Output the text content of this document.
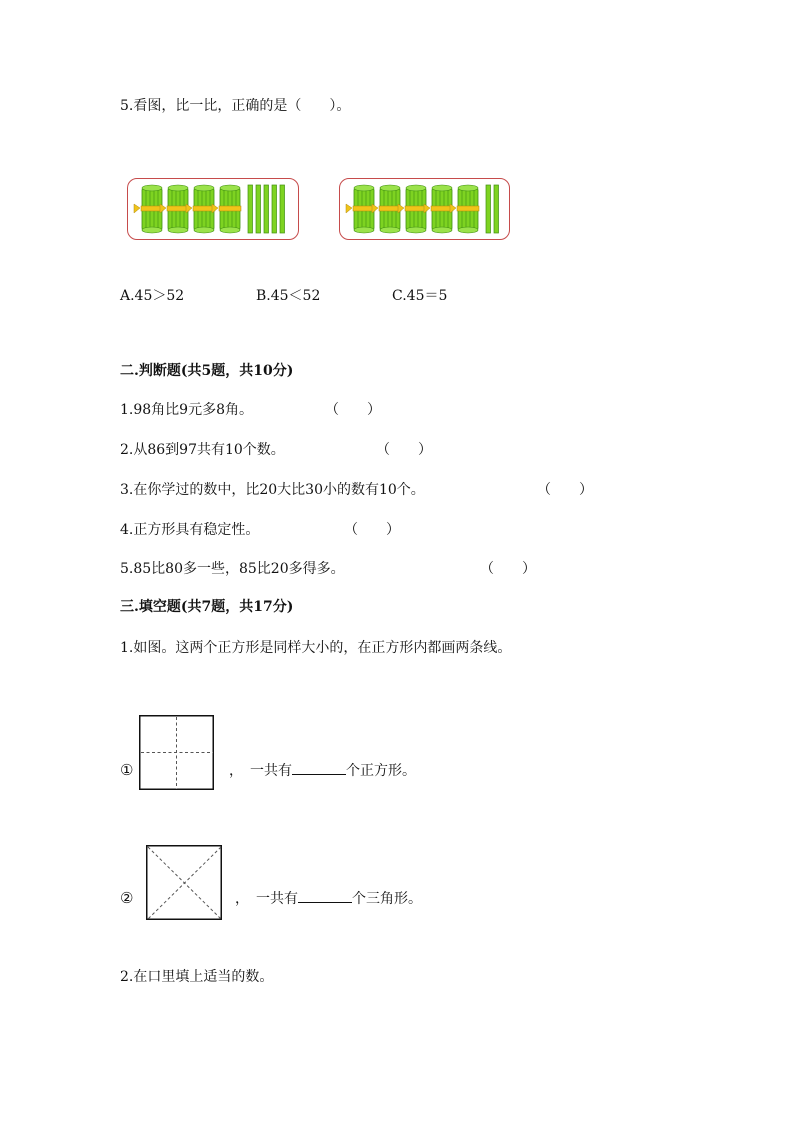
5.看图，比一比，正确的是（　　）。
A.45＞52	B.45＜52	C.45＝5
二.判断题(共5题，共10分)
1.98角比9元多8角。	（　　）
2.从86到97共有10个数。	（　　）
3.在你学过的数中，比20大比30小的数有10个。	（　　）
4.正方形具有稳定性。	（　　）
5.85比80多一些，85比20多得多。	（　　）
三.填空题(共7题，共17分)
1.如图。这两个正方形是同样大小的，在正方形内都画两条线。
①	，　一共有	个正方形。
②	，　一共有	个三角形。
2.在口里填上适当的数。
